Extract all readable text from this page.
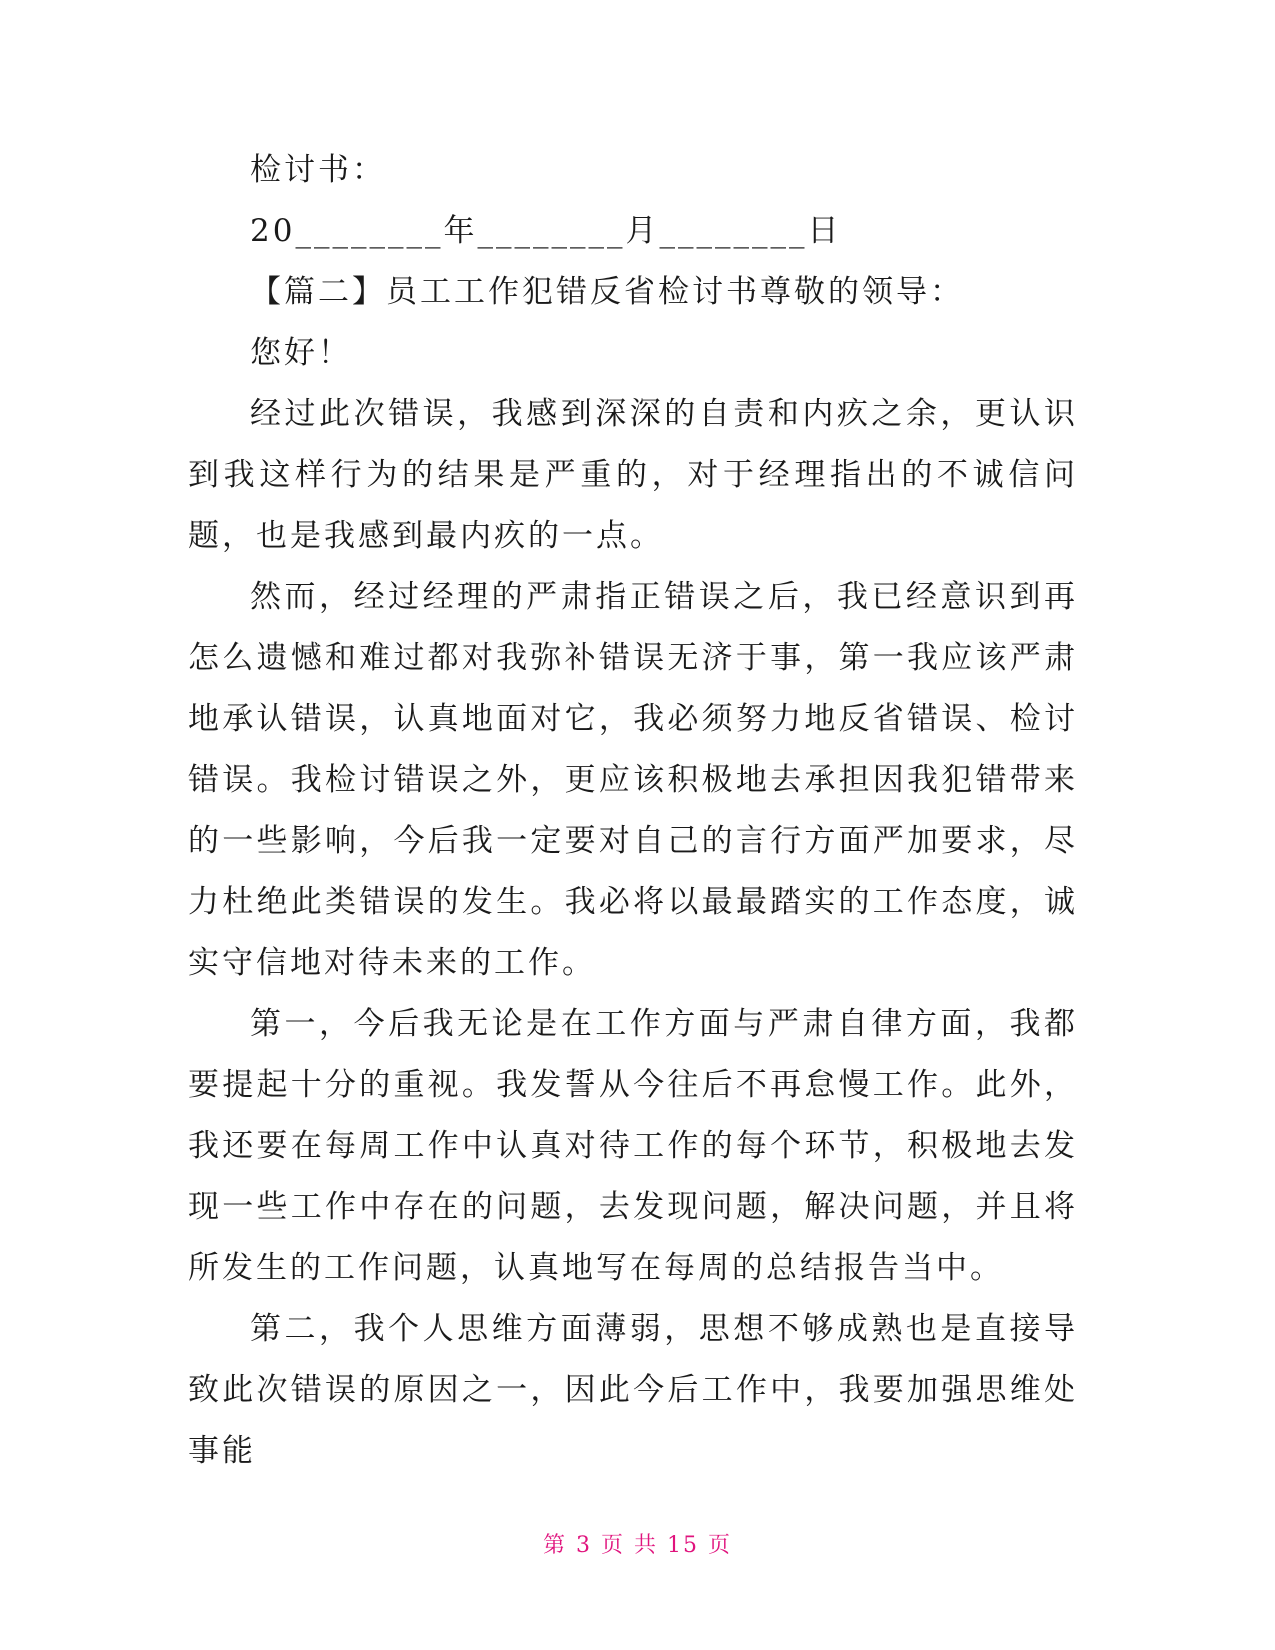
检讨书：
20________年________月________日
【篇二】员工工作犯错反省检讨书尊敬的领导：
您好！

经过此次错误，我感到深深的自责和内疚之余，更认识到我这样行为的结果是严重的，对于经理指出的不诚信问题，也是我感到最内疚的一点。

然而，经过经理的严肃指正错误之后，我已经意识到再怎么遗憾和难过都对我弥补错误无济于事，第一我应该严肃地承认错误，认真地面对它，我必须努力地反省错误、检讨错误。我检讨错误之外，更应该积极地去承担因我犯错带来的一些影响，今后我一定要对自己的言行方面严加要求，尽力杜绝此类错误的发生。我必将以最最踏实的工作态度，诚实守信地对待未来的工作。

第一，今后我无论是在工作方面与严肃自律方面，我都要提起十分的重视。我发誓从今往后不再怠慢工作。此外，我还要在每周工作中认真对待工作的每个环节，积极地去发现一些工作中存在的问题，去发现问题，解决问题，并且将所发生的工作问题，认真地写在每周的总结报告当中。

第二，我个人思维方面薄弱，思想不够成熟也是直接导致此次错误的原因之一，因此今后工作中，我要加强思维处事能

第 3 页 共 15 页
